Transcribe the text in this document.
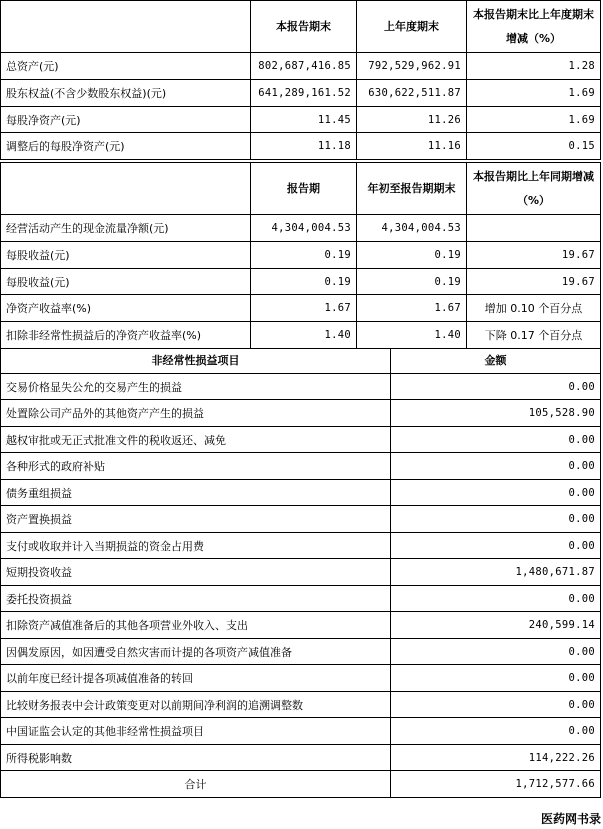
	本报告期末	上年度期末	本报告期末比上年度期末增减（%）
总资产(元)	802,687,416.85	792,529,962.91	1.28
股东权益(不含少数股东权益)(元)	641,289,161.52	630,622,511.87	1.69
每股净资产(元)	11.45	11.26	1.69
调整后的每股净资产(元)	11.18	11.16	0.15
	报告期	年初至报告期期末	本报告期比上年同期增减（%）
经营活动产生的现金流量净额(元)	4,304,004.53	4,304,004.53	
每股收益(元)	0.19	0.19	19.67
每股收益(元)	0.19	0.19	19.67
净资产收益率(%)	1.67	1.67	增加 0.10 个百分点
扣除非经常性损益后的净资产收益率(%)	1.40	1.40	下降 0.17 个百分点
非经常性损益项目	金额
交易价格显失公允的交易产生的损益	0.00
处置除公司产品外的其他资产产生的损益	105,528.90
越权审批或无正式批准文件的税收返还、减免	0.00
各种形式的政府补贴	0.00
债务重组损益	0.00
资产置换损益	0.00
支付或收取并计入当期损益的资金占用费	0.00
短期投资收益	1,480,671.87
委托投资损益	0.00
扣除资产减值准备后的其他各项营业外收入、支出	240,599.14
因偶发原因，如因遭受自然灾害而计提的各项资产减值准备	0.00
以前年度已经计提各项减值准备的转回	0.00
比较财务报表中会计政策变更对以前期间净利润的追溯调整数	0.00
中国证监会认定的其他非经常性损益项目	0.00
所得税影响数	114,222.26
合计	1,712,577.66
医药网书录
